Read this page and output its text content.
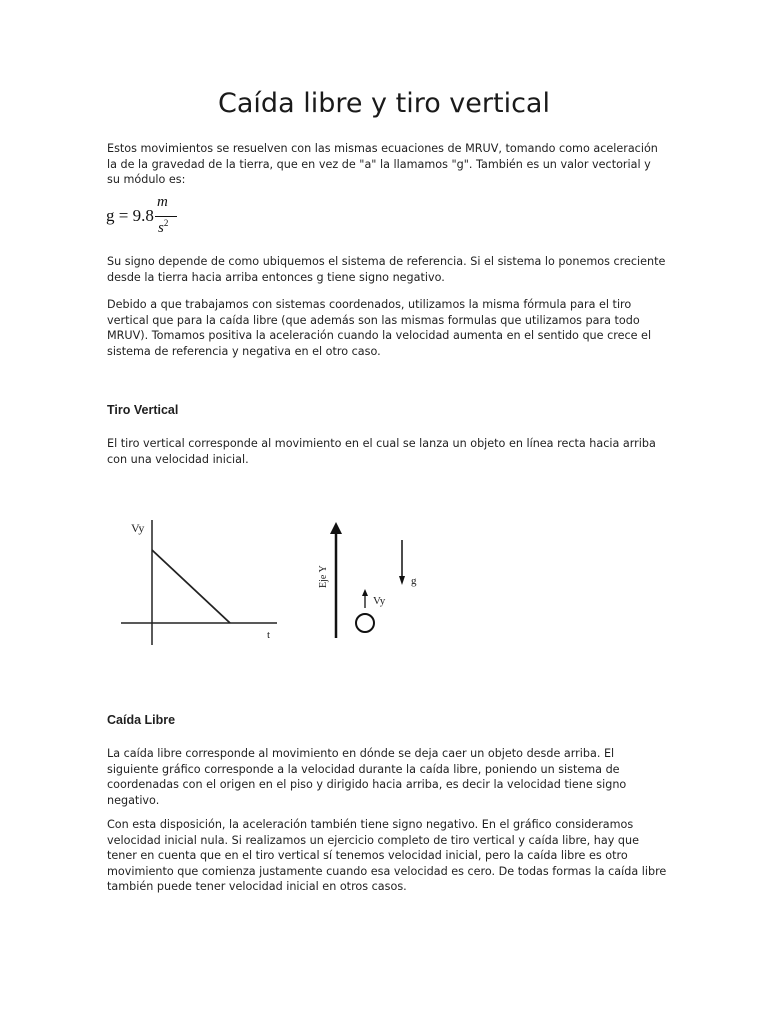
Caída libre y tiro vertical

Estos movimientos se resuelven con las mismas ecuaciones de MRUV, tomando como aceleración la de la gravedad de la tierra, que en vez de "a" la llamamos "g". También es un valor vectorial y su módulo es:

g = 9.8
m
$s^2$

Su signo depende de como ubiquemos el sistema de referencia. Si el sistema lo ponemos creciente desde la tierra hacia arriba entonces g tiene signo negativo.

Debido a que trabajamos con sistemas coordenados, utilizamos la misma fórmula para el tiro vertical que para la caída libre (que además son las mismas formulas que utilizamos para todo MRUV). Tomamos positiva la aceleración cuando la velocidad aumenta en el sentido que crece el sistema de referencia y negativa en el otro caso.

Tiro Vertical

El tiro vertical corresponde al movimiento en el cual se lanza un objeto en línea recta hacia arriba con una velocidad inicial.

Vy
t
Eje Y	g
Vy
Caída Libre

La caída libre corresponde al movimiento en dónde se deja caer un objeto desde arriba. El siguiente gráfico corresponde a la velocidad durante la caída libre, poniendo un sistema de coordenadas con el origen en el piso y dirigido hacia arriba, es decir la velocidad tiene signo negativo.

Con esta disposición, la aceleración también tiene signo negativo. En el gráfico consideramos velocidad inicial nula. Si realizamos un ejercicio completo de tiro vertical y caída libre, hay que tener en cuenta que en el tiro vertical sí tenemos velocidad inicial, pero la caída libre es otro movimiento que comienza justamente cuando esa velocidad es cero. De todas formas la caída libre también puede tener velocidad inicial en otros casos.
